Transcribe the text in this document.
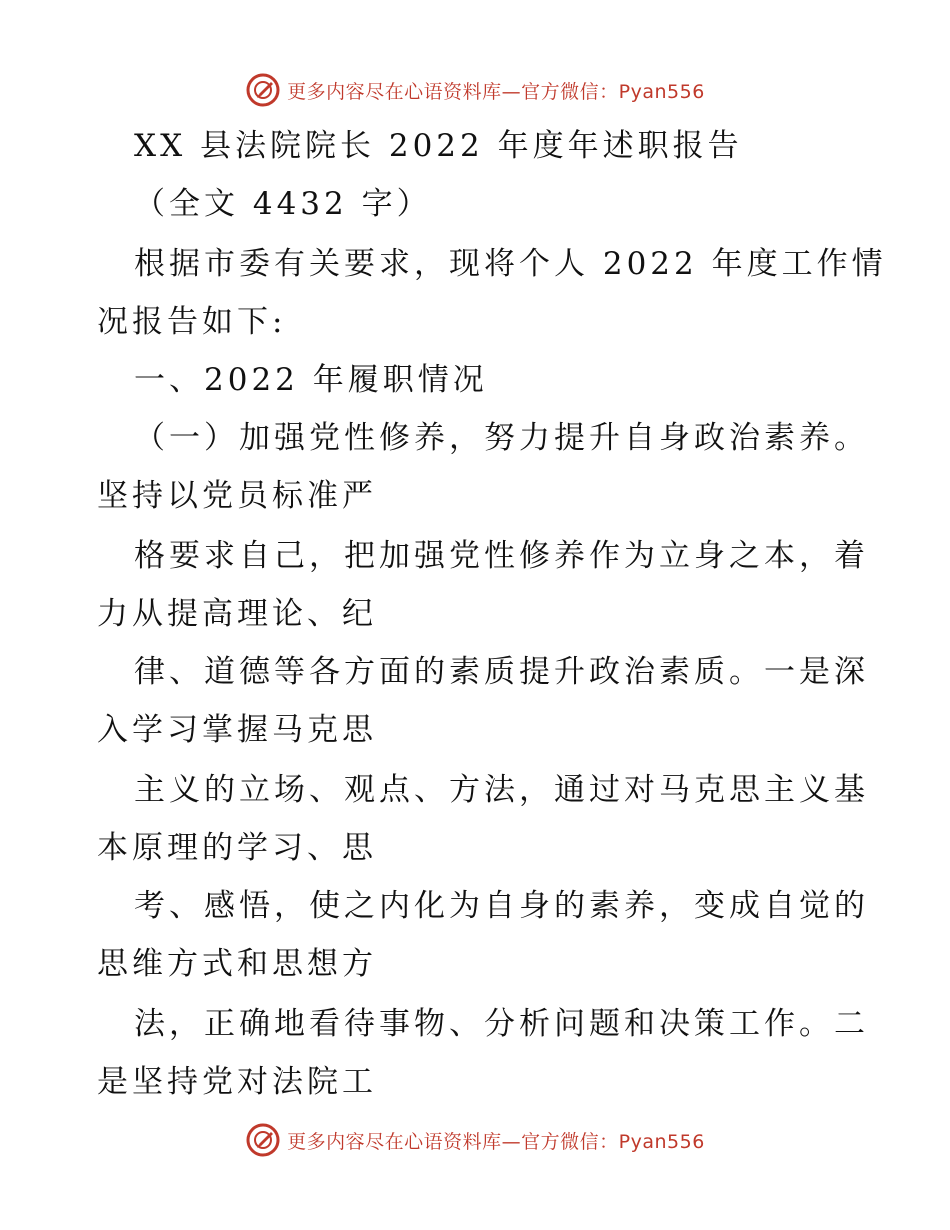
更多内容尽在心语资料库—官方微信：Pyan556
XX 县法院院长 2022 年度年述职报告
（全文 4432 字）
根据市委有关要求，现将个人 2022 年度工作情
况报告如下:
一、2022 年履职情况
（一）加强党性修养，努力提升自身政治素养。
坚持以党员标准严
格要求自己，把加强党性修养作为立身之本，着
力从提高理论、纪
律、道德等各方面的素质提升政治素质。一是深
入学习掌握马克思
主义的立场、观点、方法，通过对马克思主义基
本原理的学习、思
考、感悟，使之内化为自身的素养，变成自觉的
思维方式和思想方
法，正确地看待事物、分析问题和决策工作。二
是坚持党对法院工
更多内容尽在心语资料库—官方微信：Pyan556
